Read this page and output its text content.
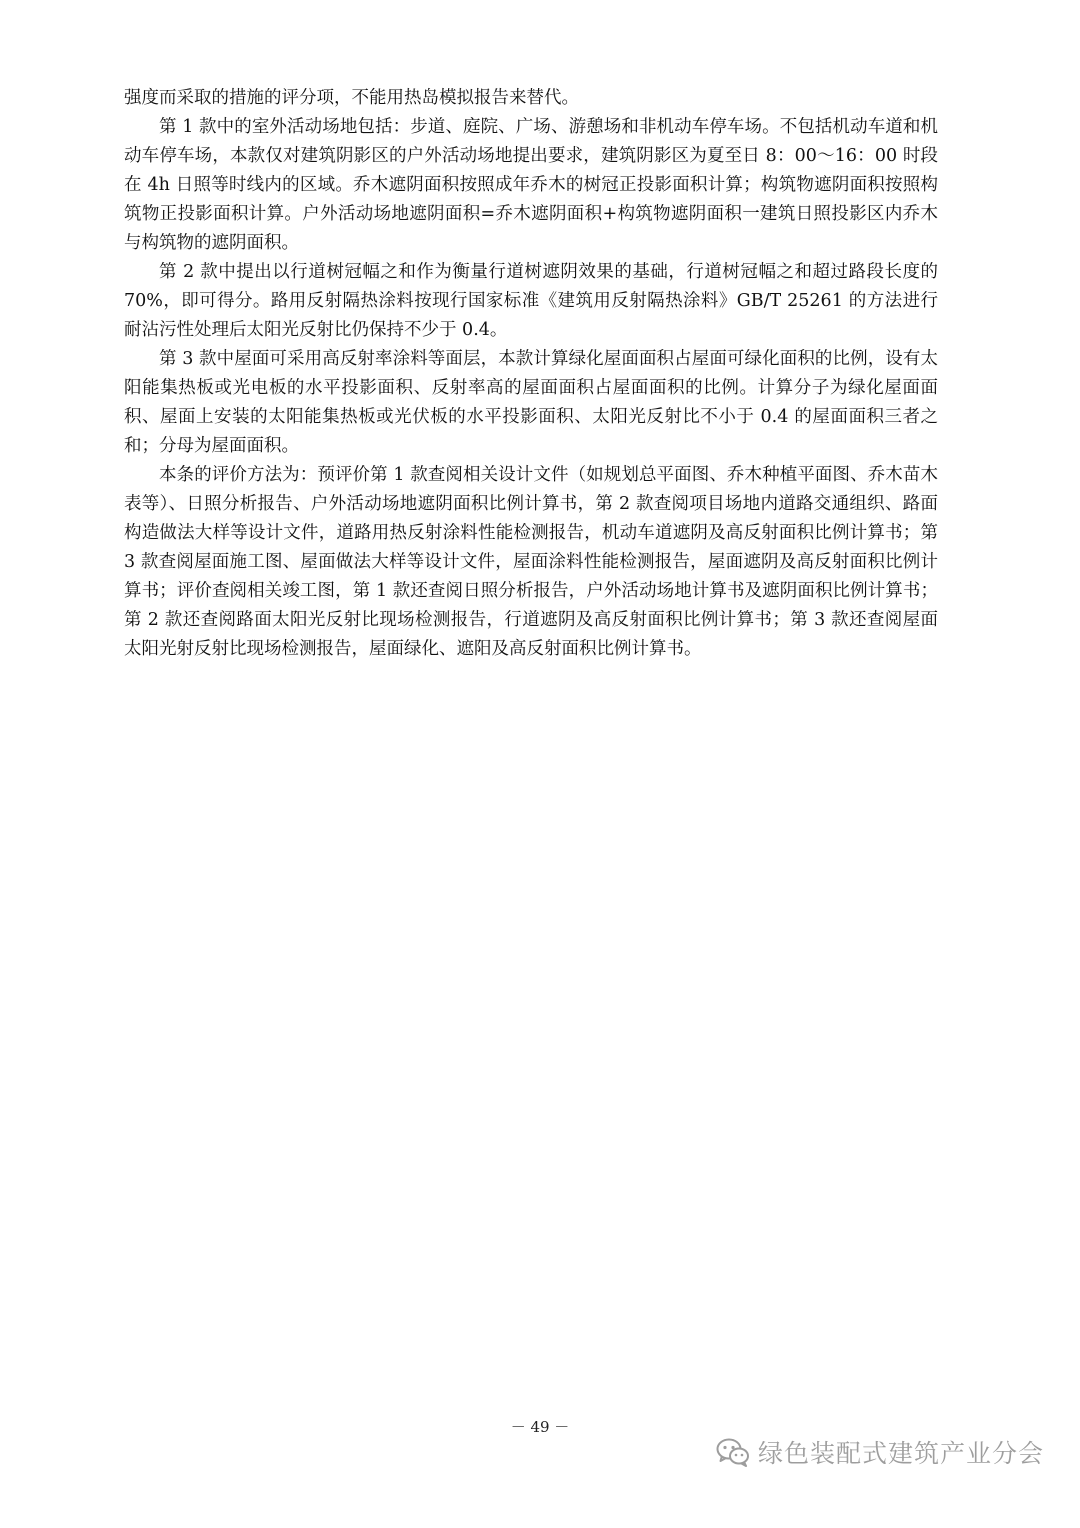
强度而采取的措施的评分项，不能用热岛模拟报告来替代。

第 1 款中的室外活动场地包括：步道、庭院、广场、游憩场和非机动车停车场。不包括机动车道和机动车停车场，本款仅对建筑阴影区的户外活动场地提出要求，建筑阴影区为夏至日 8：00～16：00 时段在 4h 日照等时线内的区域。乔木遮阴面积按照成年乔木的树冠正投影面积计算；构筑物遮阴面积按照构筑物正投影面积计算。户外活动场地遮阴面积=乔木遮阴面积+构筑物遮阴面积一建筑日照投影区内乔木与构筑物的遮阴面积。

第 2 款中提出以行道树冠幅之和作为衡量行道树遮阴效果的基础，行道树冠幅之和超过路段长度的 70%，即可得分。路用反射隔热涂料按现行国家标准《建筑用反射隔热涂料》GB/T 25261 的方法进行耐沾污性处理后太阳光反射比仍保持不少于 0.4。

第 3 款中屋面可采用高反射率涂料等面层，本款计算绿化屋面面积占屋面可绿化面积的比例，设有太阳能集热板或光电板的水平投影面积、反射率高的屋面面积占屋面面积的比例。计算分子为绿化屋面面积、屋面上安装的太阳能集热板或光伏板的水平投影面积、太阳光反射比不小于 0.4 的屋面面积三者之和；分母为屋面面积。

本条的评价方法为：预评价第 1 款查阅相关设计文件（如规划总平面图、乔木种植平面图、乔木苗木表等）、日照分析报告、户外活动场地遮阴面积比例计算书，第 2 款查阅项目场地内道路交通组织、路面构造做法大样等设计文件，道路用热反射涂料性能检测报告，机动车道遮阴及高反射面积比例计算书；第 3 款查阅屋面施工图、屋面做法大样等设计文件，屋面涂料性能检测报告，屋面遮阴及高反射面积比例计算书；评价查阅相关竣工图，第 1 款还查阅日照分析报告，户外活动场地计算书及遮阴面积比例计算书；第 2 款还查阅路面太阳光反射比现场检测报告，行道遮阴及高反射面积比例计算书；第 3 款还查阅屋面太阳光射反射比现场检测报告，屋面绿化、遮阳及高反射面积比例计算书。

－ 49 －
绿色装配式建筑产业分会
